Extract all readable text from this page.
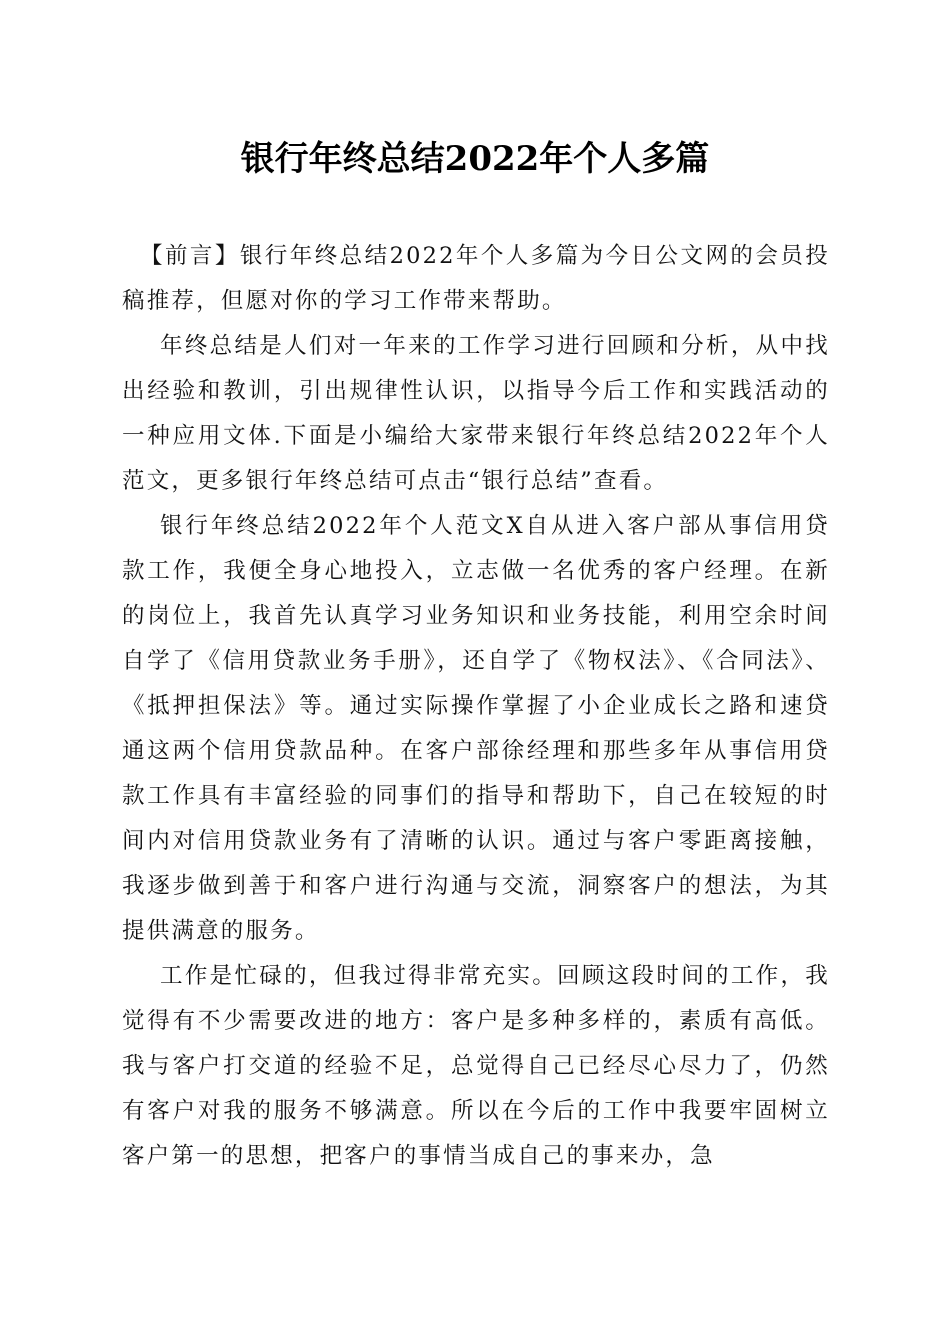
银行年终总结2022年个人多篇

【前言】银行年终总结2022年个人多篇为今日公文网的会员投稿推荐，但愿对你的学习工作带来帮助。

年终总结是人们对一年来的工作学习进行回顾和分析，从中找出经验和教训，引出规律性认识，以指导今后工作和实践活动的一种应用文体.下面是小编给大家带来银行年终总结2022年个人范文，更多银行年终总结可点击“银行总结”查看。

银行年终总结2022年个人范文X自从进入客户部从事信用贷款工作，我便全身心地投入，立志做一名优秀的客户经理。在新的岗位上，我首先认真学习业务知识和业务技能，利用空余时间自学了《信用贷款业务手册》，还自学了《物权法》、《合同法》、《抵押担保法》等。通过实际操作掌握了小企业成长之路和速贷通这两个信用贷款品种。在客户部徐经理和那些多年从事信用贷款工作具有丰富经验的同事们的指导和帮助下，自己在较短的时间内对信用贷款业务有了清晰的认识。通过与客户零距离接触，我逐步做到善于和客户进行沟通与交流，洞察客户的想法，为其提供满意的服务。

工作是忙碌的，但我过得非常充实。回顾这段时间的工作，我觉得有不少需要改进的地方：客户是多种多样的，素质有高低。我与客户打交道的经验不足，总觉得自己已经尽心尽力了，仍然有客户对我的服务不够满意。所以在今后的工作中我要牢固树立客户第一的思想，把客户的事情当成自己的事来办，急
